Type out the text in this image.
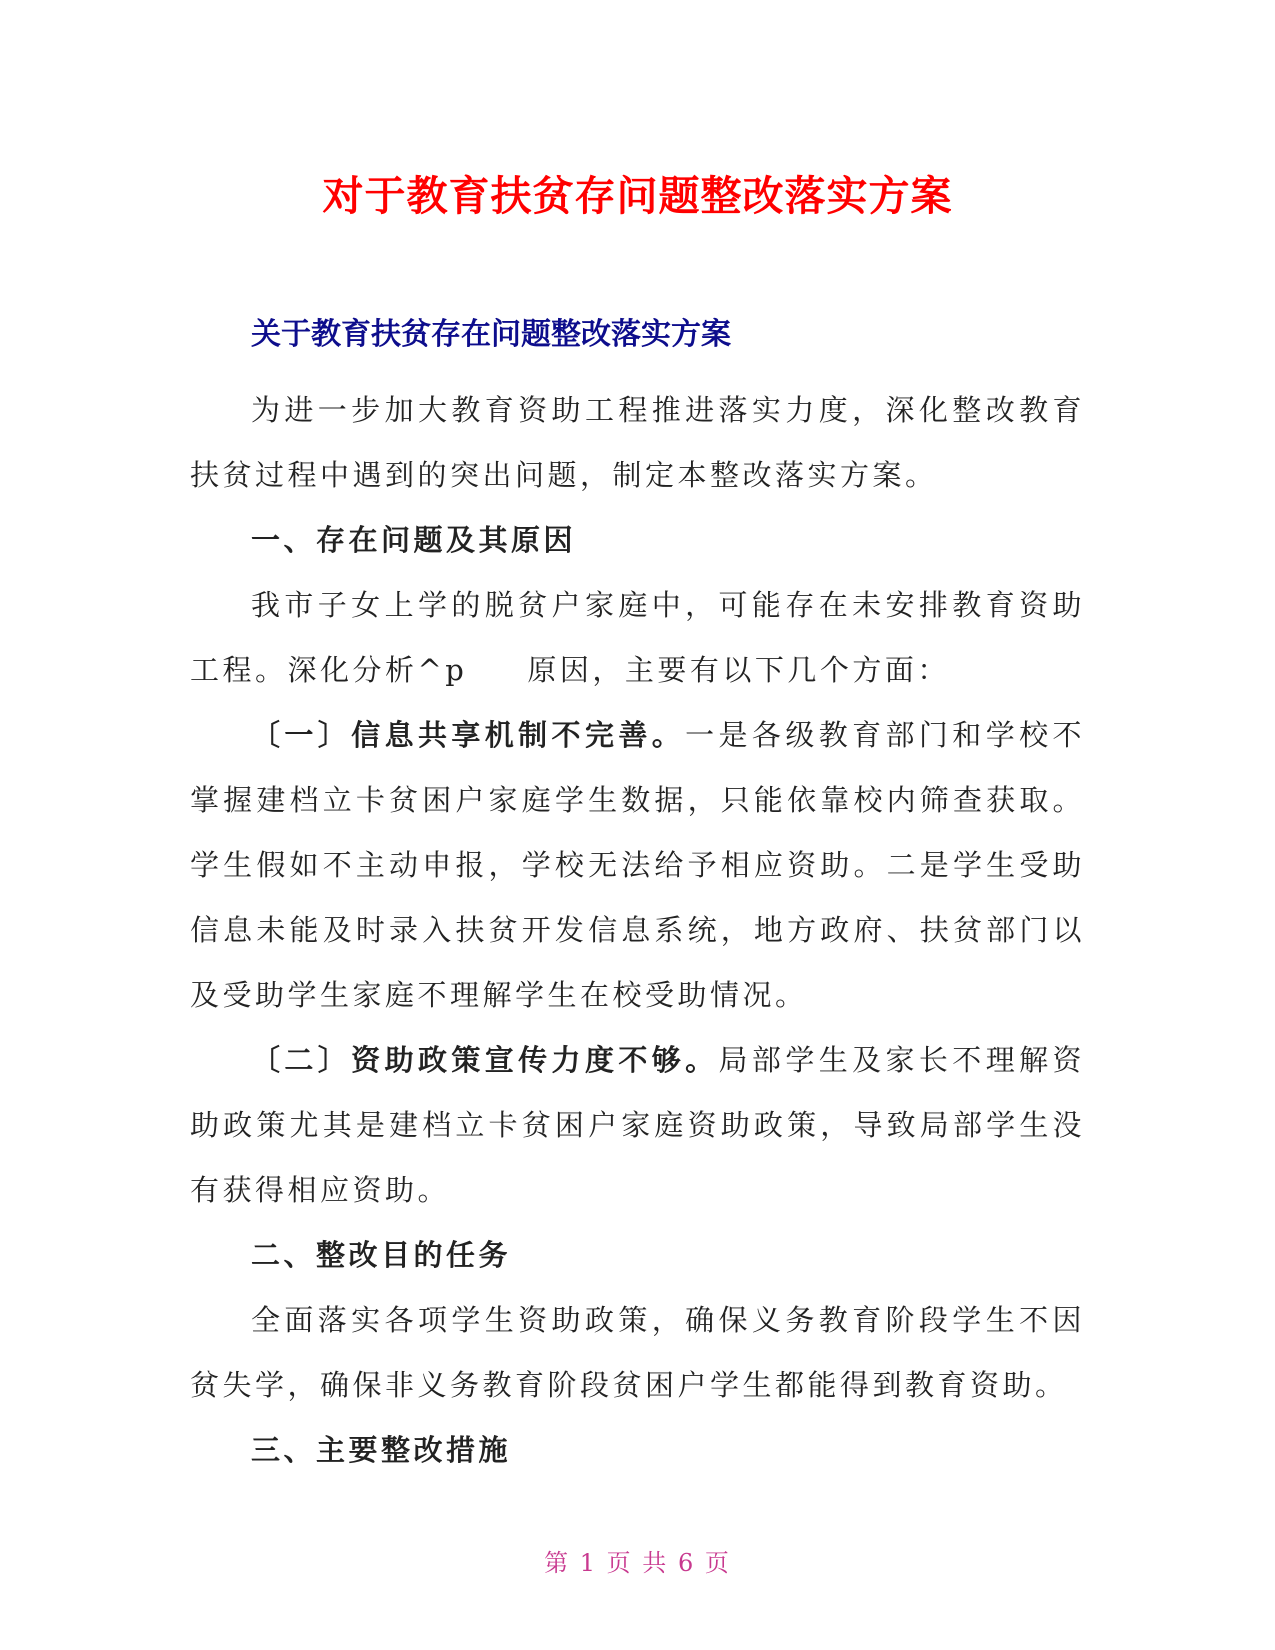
对于教育扶贫存问题整改落实方案
关于教育扶贫存在问题整改落实方案

为进一步加大教育资助工程推进落实力度，深化整改教育扶贫过程中遇到的突出问题，制定本整改落实方案。

一、存在问题及其原因

我市子女上学的脱贫户家庭中，可能存在未安排教育资助工程。深化分析^p 原因，主要有以下几个方面：

〔一〕信息共享机制不完善。一是各级教育部门和学校不掌握建档立卡贫困户家庭学生数据，只能依靠校内筛查获取。学生假如不主动申报，学校无法给予相应资助。二是学生受助信息未能及时录入扶贫开发信息系统，地方政府、扶贫部门以及受助学生家庭不理解学生在校受助情况。

〔二〕资助政策宣传力度不够。局部学生及家长不理解资助政策尤其是建档立卡贫困户家庭资助政策，导致局部学生没有获得相应资助。

二、整改目的任务

全面落实各项学生资助政策，确保义务教育阶段学生不因贫失学，确保非义务教育阶段贫困户学生都能得到教育资助。

三、主要整改措施

第 1 页 共 6 页
